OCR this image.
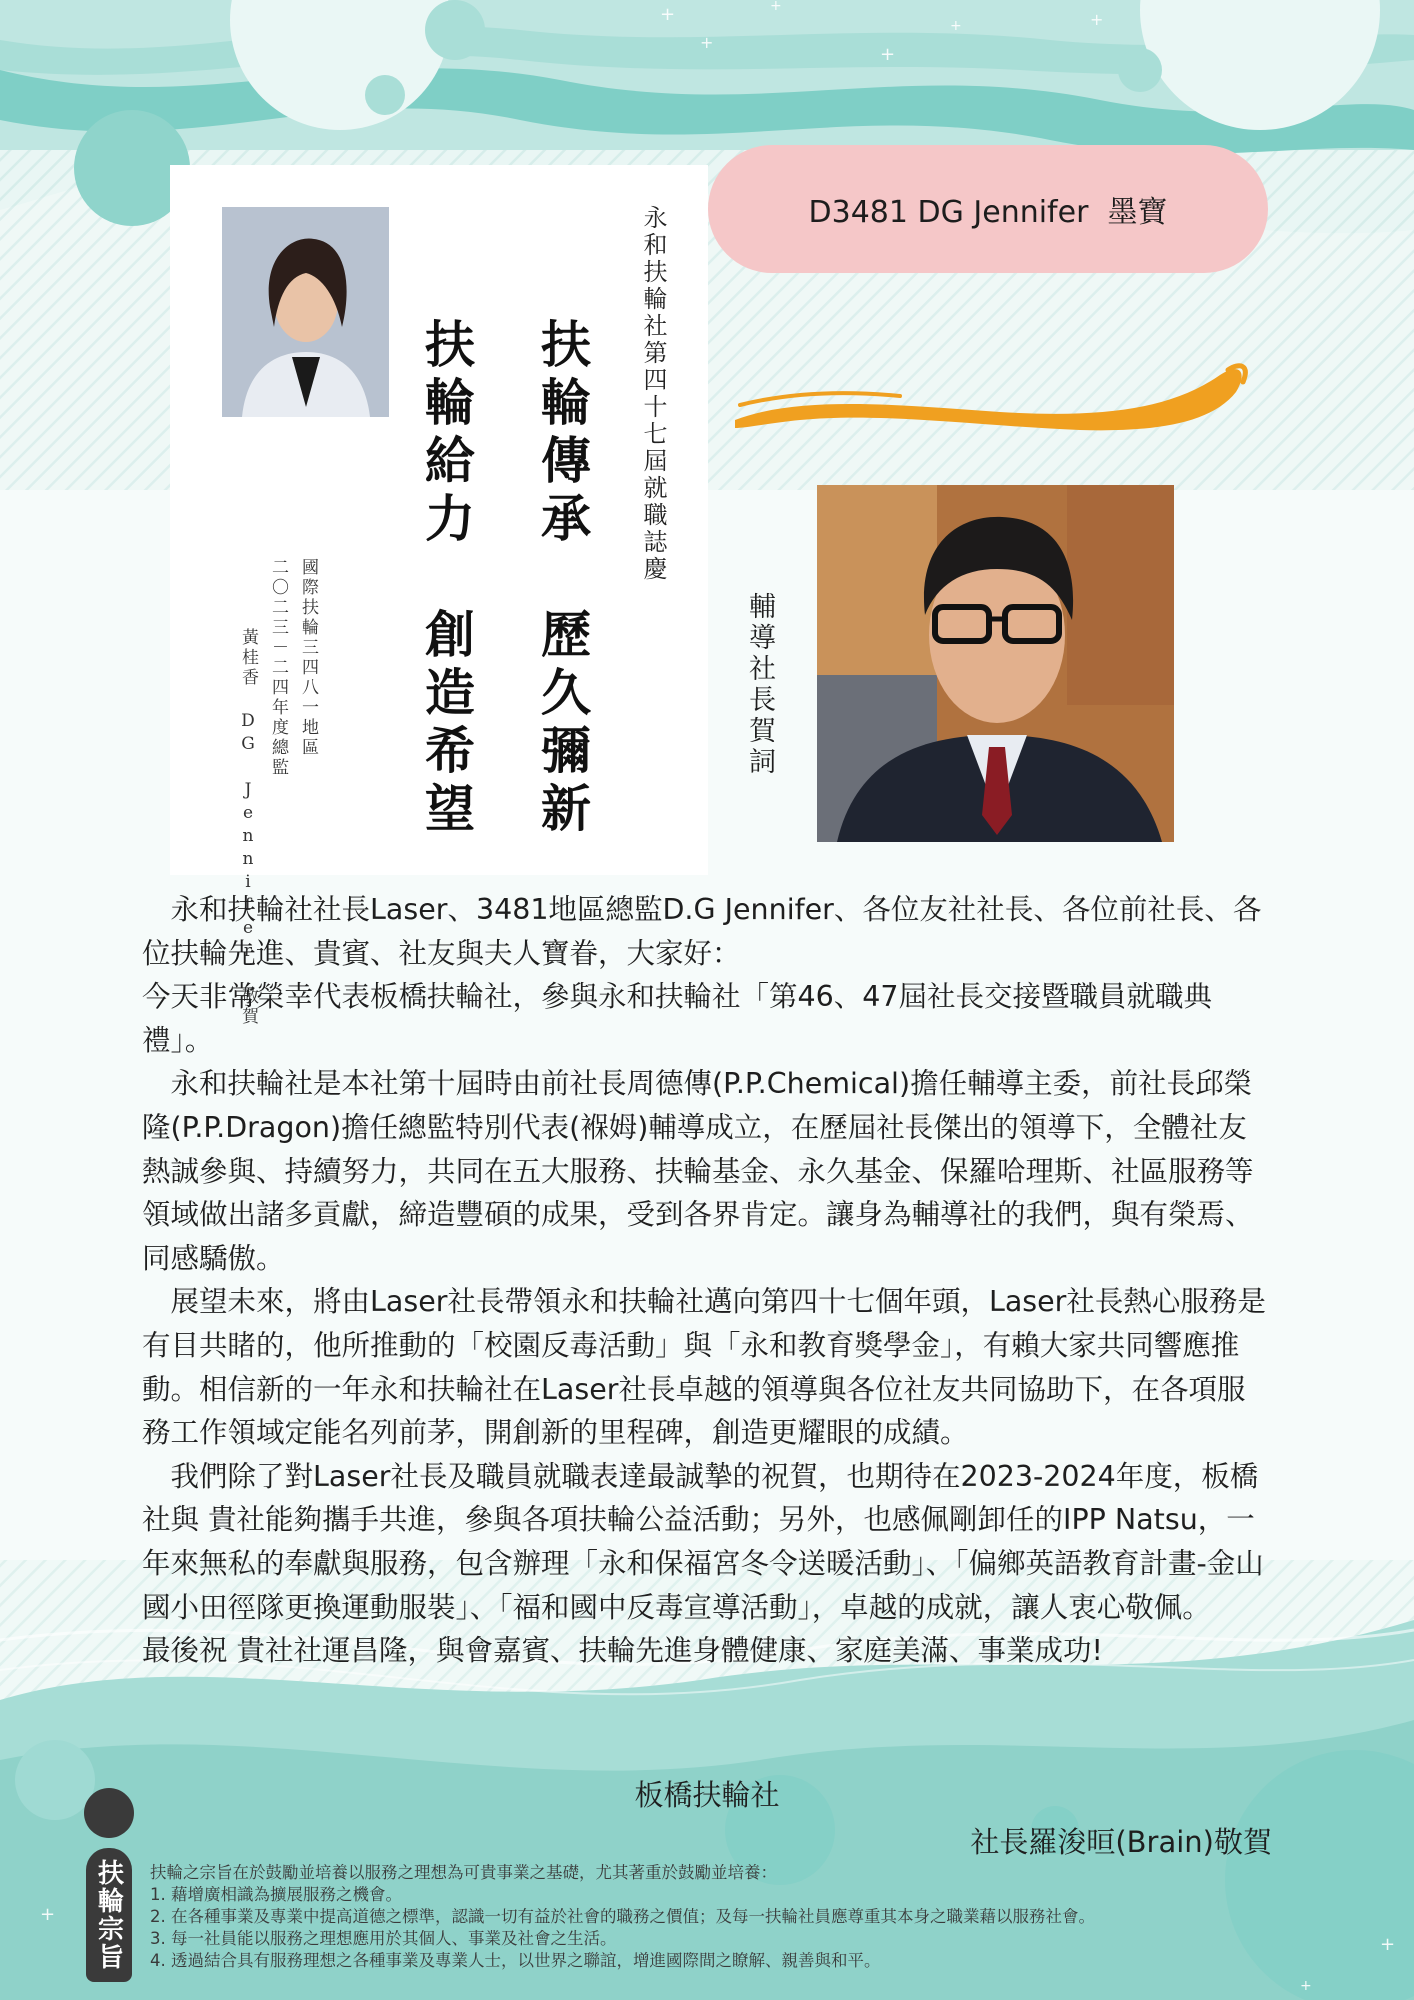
+
+
+
+
+	+
+
+
+
永和扶輪社第四十七屆就職誌慶
扶輪傳承　歷久彌新
扶輪給力　創造希望
國際扶輪三四八一地區
二〇二三－二四年度總監
黃桂香 DG Jennifer 敬賀
D3481 DG Jennifer  墨寶
輔導社長賀詞

　永和扶輪社社長Laser、3481地區總監D.G Jennifer、各位友社社長、各位前社長、各位扶輪先進、貴賓、社友與夫人寶眷，大家好：

今天非常榮幸代表板橋扶輪社，參與永和扶輪社「第46、47屆社長交接暨職員就職典禮」。

　永和扶輪社是本社第十屆時由前社長周德傳(P.P.Chemical)擔任輔導主委，前社長邱榮隆(P.P.Dragon)擔任總監特別代表(褓姆)輔導成立，在歷屆社長傑出的領導下，全體社友熱誠參與、持續努力，共同在五大服務、扶輪基金、永久基金、保羅哈理斯、社區服務等領域做出諸多貢獻，締造豐碩的成果，受到各界肯定。讓身為輔導社的我們，與有榮焉、同感驕傲。

　展望未來，將由Laser社長帶領永和扶輪社邁向第四十七個年頭，Laser社長熱心服務是有目共睹的，他所推動的「校園反毒活動」與「永和教育獎學金」，有賴大家共同響應推動。相信新的一年永和扶輪社在Laser社長卓越的領導與各位社友共同協助下，在各項服務工作領域定能名列前茅，開創新的里程碑，創造更耀眼的成績。

　我們除了對Laser社長及職員就職表達最誠摯的祝賀，也期待在2023-2024年度，板橋社與 貴社能夠攜手共進，參與各項扶輪公益活動；另外，也感佩剛卸任的IPP Natsu，一年來無私的奉獻與服務，包含辦理「永和保福宮冬令送暖活動」、「偏鄉英語教育計畫-金山國小田徑隊更換運動服裝」、「福和國中反毒宣導活動」，卓越的成就，讓人衷心敬佩。

最後祝 貴社社運昌隆，與會嘉賓、扶輪先進身體健康、家庭美滿、事業成功!

板橋扶輪社
社長羅浚晅(Brain)敬賀
扶輪宗旨	扶輪之宗旨在於鼓勵並培養以服務之理想為可貴事業之基礎，尤其著重於鼓勵並培養：
1. 藉增廣相識為擴展服務之機會。
2. 在各種事業及專業中提高道德之標準，認識一切有益於社會的職務之價值；及每一扶輪社員應尊重其本身之職業藉以服務社會。
3. 每一社員能以服務之理想應用於其個人、事業及社會之生活。
4. 透過結合具有服務理想之各種事業及專業人士，以世界之聯誼，增進國際間之瞭解、親善與和平。
